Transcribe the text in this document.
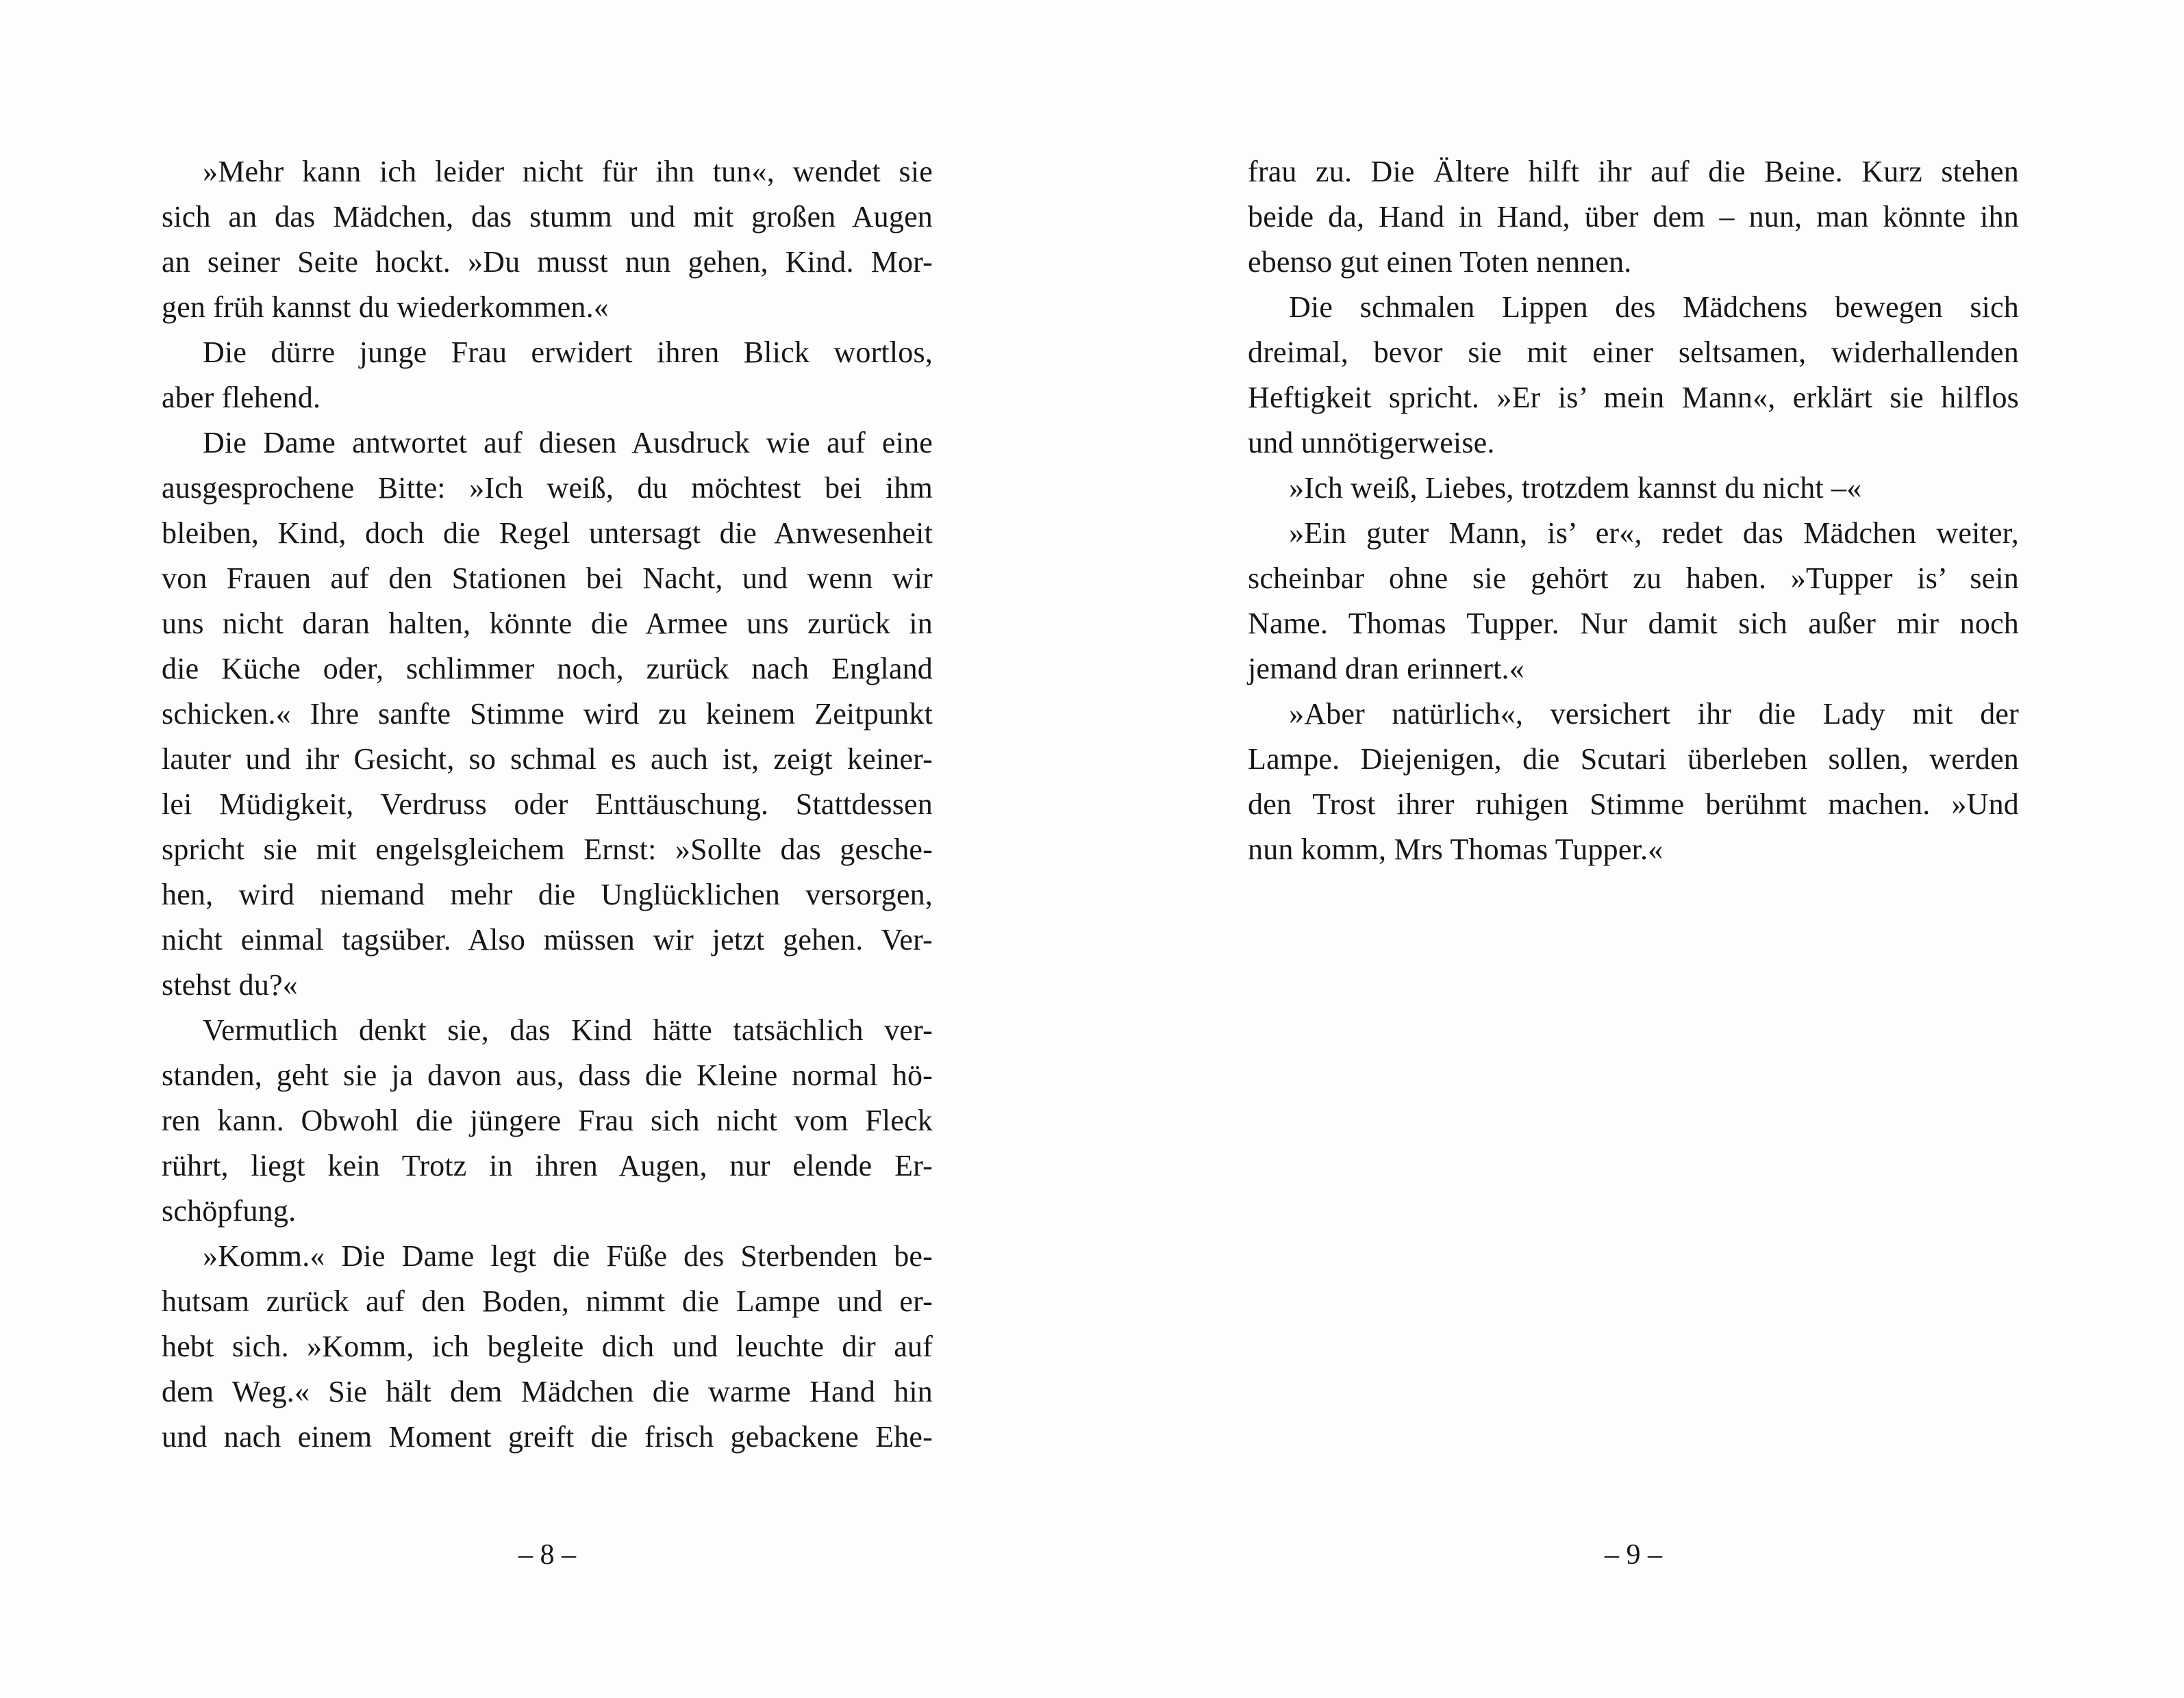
»Mehr kann ich leider nicht für ihn tun«, wendet sie
sich an das Mädchen, das stumm und mit großen Augen
an seiner Seite hockt. »Du musst nun gehen, Kind. Mor-
gen früh kannst du wiederkommen.«
Die dürre junge Frau erwidert ihren Blick wortlos,
aber flehend.
Die Dame antwortet auf diesen Ausdruck wie auf eine
ausgesprochene Bitte: »Ich weiß, du möchtest bei ihm
bleiben, Kind, doch die Regel untersagt die Anwesenheit
von Frauen auf den Stationen bei Nacht, und wenn wir
uns nicht daran halten, könnte die Armee uns zurück in
die Küche oder, schlimmer noch, zurück nach England
schicken.« Ihre sanfte Stimme wird zu keinem Zeitpunkt
lauter und ihr Gesicht, so schmal es auch ist, zeigt keiner-
lei Müdigkeit, Verdruss oder Enttäuschung. Stattdessen
spricht sie mit engelsgleichem Ernst: »Sollte das gesche-
hen, wird niemand mehr die Unglücklichen versorgen,
nicht einmal tagsüber. Also müssen wir jetzt gehen. Ver-
stehst du?«
Vermutlich denkt sie, das Kind hätte tatsächlich ver-
standen, geht sie ja davon aus, dass die Kleine normal hö-
ren kann. Obwohl die jüngere Frau sich nicht vom Fleck
rührt, liegt kein Trotz in ihren Augen, nur elende Er-
schöpfung.
»Komm.« Die Dame legt die Füße des Sterbenden be-
hutsam zurück auf den Boden, nimmt die Lampe und er-
hebt sich. »Komm, ich begleite dich und leuchte dir auf
dem Weg.« Sie hält dem Mädchen die warme Hand hin
und nach einem Moment greift die frisch gebackene Ehe-
frau zu. Die Ältere hilft ihr auf die Beine. Kurz stehen
beide da, Hand in Hand, über dem – nun, man könnte ihn
ebenso gut einen Toten nennen.
Die schmalen Lippen des Mädchens bewegen sich
dreimal, bevor sie mit einer seltsamen, widerhallenden
Heftigkeit spricht. »Er is’ mein Mann«, erklärt sie hilflos
und unnötigerweise.
»Ich weiß, Liebes, trotzdem kannst du nicht –«
»Ein guter Mann, is’ er«, redet das Mädchen weiter,
scheinbar ohne sie gehört zu haben. »Tupper is’ sein
Name. Thomas Tupper. Nur damit sich außer mir noch
jemand dran erinnert.«
»Aber natürlich«, versichert ihr die Lady mit der
Lampe. Diejenigen, die Scutari überleben sollen, werden
den Trost ihrer ruhigen Stimme berühmt machen. »Und
nun komm, Mrs Thomas Tupper.«
– 8 –	– 9 –
